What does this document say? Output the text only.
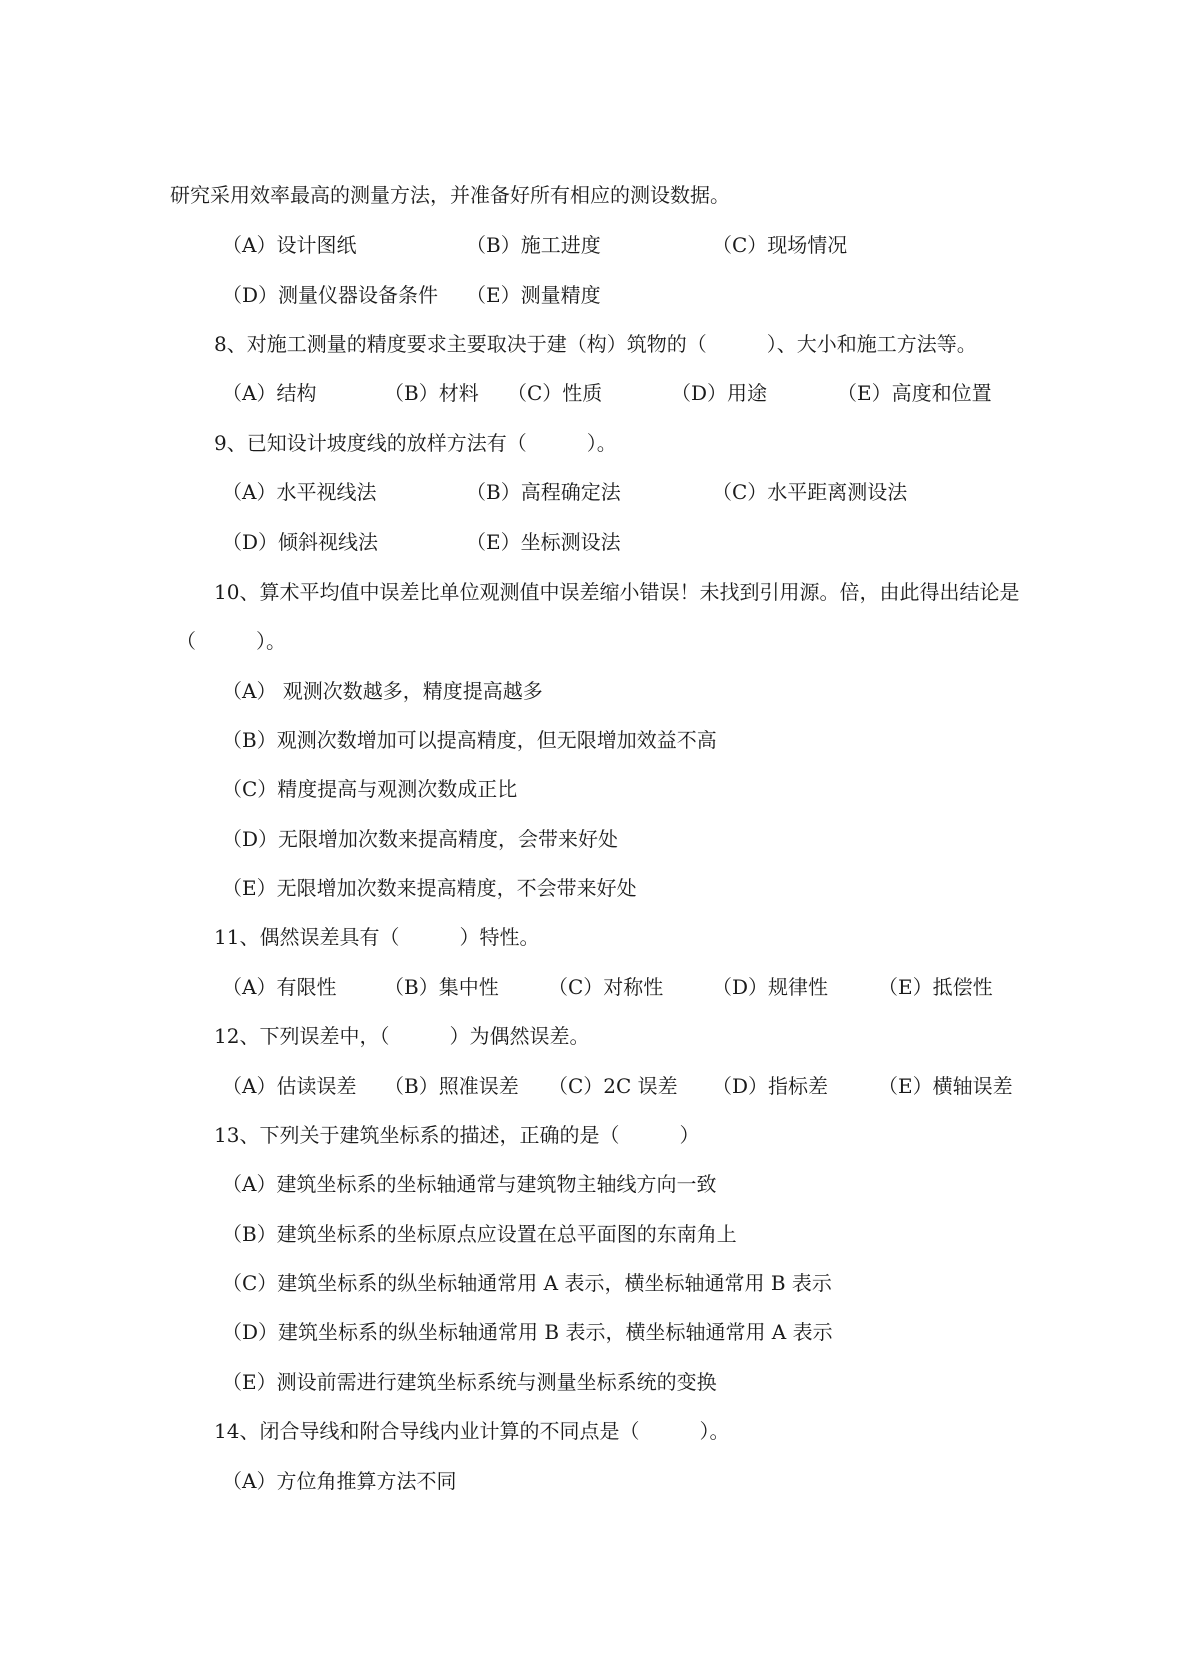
研究采用效率最高的测量方法，并准备好所有相应的测设数据。
（A）设计图纸	（B）施工进度	（C）现场情况
（D）测量仪器设备条件 （E）测量精度
8、对施工测量的精度要求主要取决于建（构）筑物的（　　　）、大小和施工方法等。
（A）结构	（B）材料 （C）性质	（D）用途	（E）高度和位置
9、已知设计坡度线的放样方法有（　　　）。
（A）水平视线法	（B）高程确定法	（C）水平距离测设法
（D）倾斜视线法	（E）坐标测设法
10、算术平均值中误差比单位观测值中误差缩小错误！未找到引用源。倍，由此得出结论是
（　　　）。
（A） 观测次数越多，精度提高越多
（B）观测次数增加可以提高精度，但无限增加效益不高
（C）精度提高与观测次数成正比
（D）无限增加次数来提高精度，会带来好处
（E）无限增加次数来提高精度，不会带来好处
11、偶然误差具有（　　　）特性。
（A）有限性 （B）集中性 （C）对称性 （D）规律性 （E）抵偿性
12、下列误差中，（　　　）为偶然误差。
（A）估读误差 （B）照准误差 （C）2C 误差 （D）指标差 （E）横轴误差
13、下列关于建筑坐标系的描述，正确的是（　　　）
（A）建筑坐标系的坐标轴通常与建筑物主轴线方向一致
（B）建筑坐标系的坐标原点应设置在总平面图的东南角上
（C）建筑坐标系的纵坐标轴通常用 A 表示，横坐标轴通常用 B 表示
（D）建筑坐标系的纵坐标轴通常用 B 表示，横坐标轴通常用 A 表示
（E）测设前需进行建筑坐标系统与测量坐标系统的变换
14、闭合导线和附合导线内业计算的不同点是（　　　）。
（A）方位角推算方法不同
